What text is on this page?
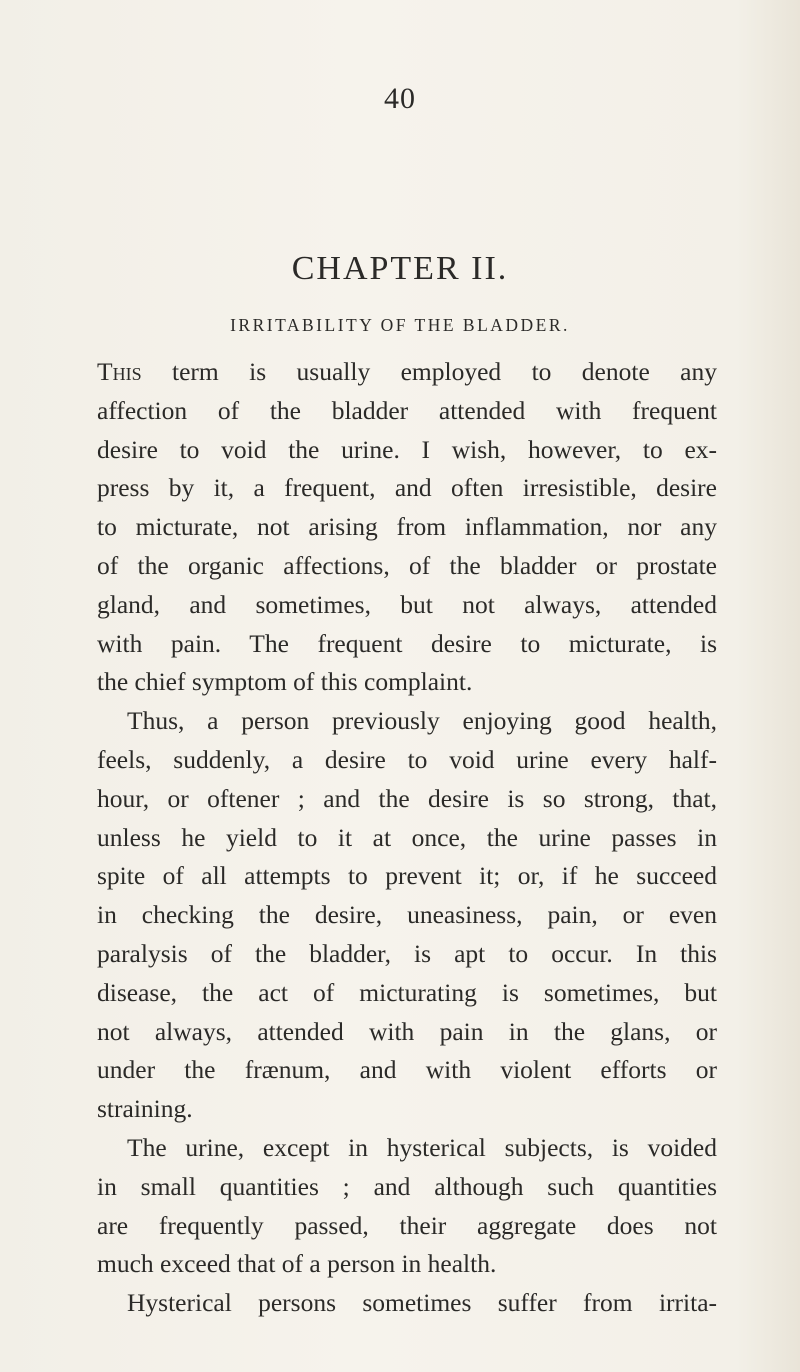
40
CHAPTER II.
IRRITABILITY OF THE BLADDER.
This term is usually employed to denote any
affection of the bladder attended with frequent
desire to void the urine. I wish, however, to ex-
press by it, a frequent, and often irresistible, desire
to micturate, not arising from inflammation, nor any
of the organic affections, of the bladder or prostate
gland, and sometimes, but not always, attended
with pain. The frequent desire to micturate, is
the chief symptom of this complaint.
Thus, a person previously enjoying good health,
feels, suddenly, a desire to void urine every half-
hour, or oftener ; and the desire is so strong, that,
unless he yield to it at once, the urine passes in
spite of all attempts to prevent it; or, if he succeed
in checking the desire, uneasiness, pain, or even
paralysis of the bladder, is apt to occur. In this
disease, the act of micturating is sometimes, but
not always, attended with pain in the glans, or
under the frænum, and with violent efforts or
straining.
The urine, except in hysterical subjects, is voided
in small quantities ; and although such quantities
are frequently passed, their aggregate does not
much exceed that of a person in health.
Hysterical persons sometimes suffer from irrita-
